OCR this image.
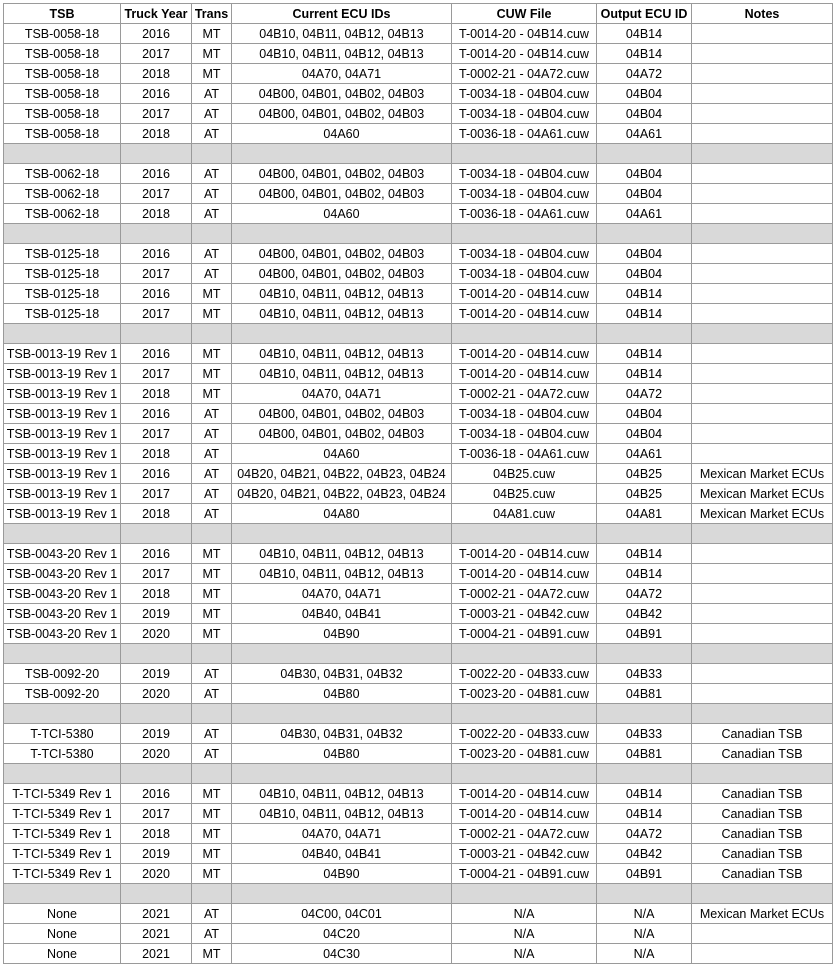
TSB	Truck Year	Trans	Current ECU IDs	CUW File	Output ECU ID	Notes
TSB-0058-18	2016	MT	04B10, 04B11, 04B12, 04B13	T-0014-20 - 04B14.cuw	04B14	
TSB-0058-18	2017	MT	04B10, 04B11, 04B12, 04B13	T-0014-20 - 04B14.cuw	04B14	
TSB-0058-18	2018	MT	04A70, 04A71	T-0002-21 - 04A72.cuw	04A72	
TSB-0058-18	2016	AT	04B00, 04B01, 04B02, 04B03	T-0034-18 - 04B04.cuw	04B04	
TSB-0058-18	2017	AT	04B00, 04B01, 04B02, 04B03	T-0034-18 - 04B04.cuw	04B04	
TSB-0058-18	2018	AT	04A60	T-0036-18 - 04A61.cuw	04A61	

TSB-0062-18	2016	AT	04B00, 04B01, 04B02, 04B03	T-0034-18 - 04B04.cuw	04B04	
TSB-0062-18	2017	AT	04B00, 04B01, 04B02, 04B03	T-0034-18 - 04B04.cuw	04B04	
TSB-0062-18	2018	AT	04A60	T-0036-18 - 04A61.cuw	04A61	

TSB-0125-18	2016	AT	04B00, 04B01, 04B02, 04B03	T-0034-18 - 04B04.cuw	04B04	
TSB-0125-18	2017	AT	04B00, 04B01, 04B02, 04B03	T-0034-18 - 04B04.cuw	04B04	
TSB-0125-18	2016	MT	04B10, 04B11, 04B12, 04B13	T-0014-20 - 04B14.cuw	04B14	
TSB-0125-18	2017	MT	04B10, 04B11, 04B12, 04B13	T-0014-20 - 04B14.cuw	04B14	

TSB-0013-19 Rev 1	2016	MT	04B10, 04B11, 04B12, 04B13	T-0014-20 - 04B14.cuw	04B14	
TSB-0013-19 Rev 1	2017	MT	04B10, 04B11, 04B12, 04B13	T-0014-20 - 04B14.cuw	04B14	
TSB-0013-19 Rev 1	2018	MT	04A70, 04A71	T-0002-21 - 04A72.cuw	04A72	
TSB-0013-19 Rev 1	2016	AT	04B00, 04B01, 04B02, 04B03	T-0034-18 - 04B04.cuw	04B04	
TSB-0013-19 Rev 1	2017	AT	04B00, 04B01, 04B02, 04B03	T-0034-18 - 04B04.cuw	04B04	
TSB-0013-19 Rev 1	2018	AT	04A60	T-0036-18 - 04A61.cuw	04A61	
TSB-0013-19 Rev 1	2016	AT	04B20, 04B21, 04B22, 04B23, 04B24	04B25.cuw	04B25	Mexican Market ECUs
TSB-0013-19 Rev 1	2017	AT	04B20, 04B21, 04B22, 04B23, 04B24	04B25.cuw	04B25	Mexican Market ECUs
TSB-0013-19 Rev 1	2018	AT	04A80	04A81.cuw	04A81	Mexican Market ECUs

TSB-0043-20 Rev 1	2016	MT	04B10, 04B11, 04B12, 04B13	T-0014-20 - 04B14.cuw	04B14	
TSB-0043-20 Rev 1	2017	MT	04B10, 04B11, 04B12, 04B13	T-0014-20 - 04B14.cuw	04B14	
TSB-0043-20 Rev 1	2018	MT	04A70, 04A71	T-0002-21 - 04A72.cuw	04A72	
TSB-0043-20 Rev 1	2019	MT	04B40, 04B41	T-0003-21 - 04B42.cuw	04B42	
TSB-0043-20 Rev 1	2020	MT	04B90	T-0004-21 - 04B91.cuw	04B91	

TSB-0092-20	2019	AT	04B30, 04B31, 04B32	T-0022-20 - 04B33.cuw	04B33	
TSB-0092-20	2020	AT	04B80	T-0023-20 - 04B81.cuw	04B81	

T-TCI-5380	2019	AT	04B30, 04B31, 04B32	T-0022-20 - 04B33.cuw	04B33	Canadian TSB
T-TCI-5380	2020	AT	04B80	T-0023-20 - 04B81.cuw	04B81	Canadian TSB

T-TCI-5349 Rev 1	2016	MT	04B10, 04B11, 04B12, 04B13	T-0014-20 - 04B14.cuw	04B14	Canadian TSB
T-TCI-5349 Rev 1	2017	MT	04B10, 04B11, 04B12, 04B13	T-0014-20 - 04B14.cuw	04B14	Canadian TSB
T-TCI-5349 Rev 1	2018	MT	04A70, 04A71	T-0002-21 - 04A72.cuw	04A72	Canadian TSB
T-TCI-5349 Rev 1	2019	MT	04B40, 04B41	T-0003-21 - 04B42.cuw	04B42	Canadian TSB
T-TCI-5349 Rev 1	2020	MT	04B90	T-0004-21 - 04B91.cuw	04B91	Canadian TSB

None	2021	AT	04C00, 04C01	N/A	N/A	Mexican Market ECUs
None	2021	AT	04C20	N/A	N/A	
None	2021	MT	04C30	N/A	N/A	
